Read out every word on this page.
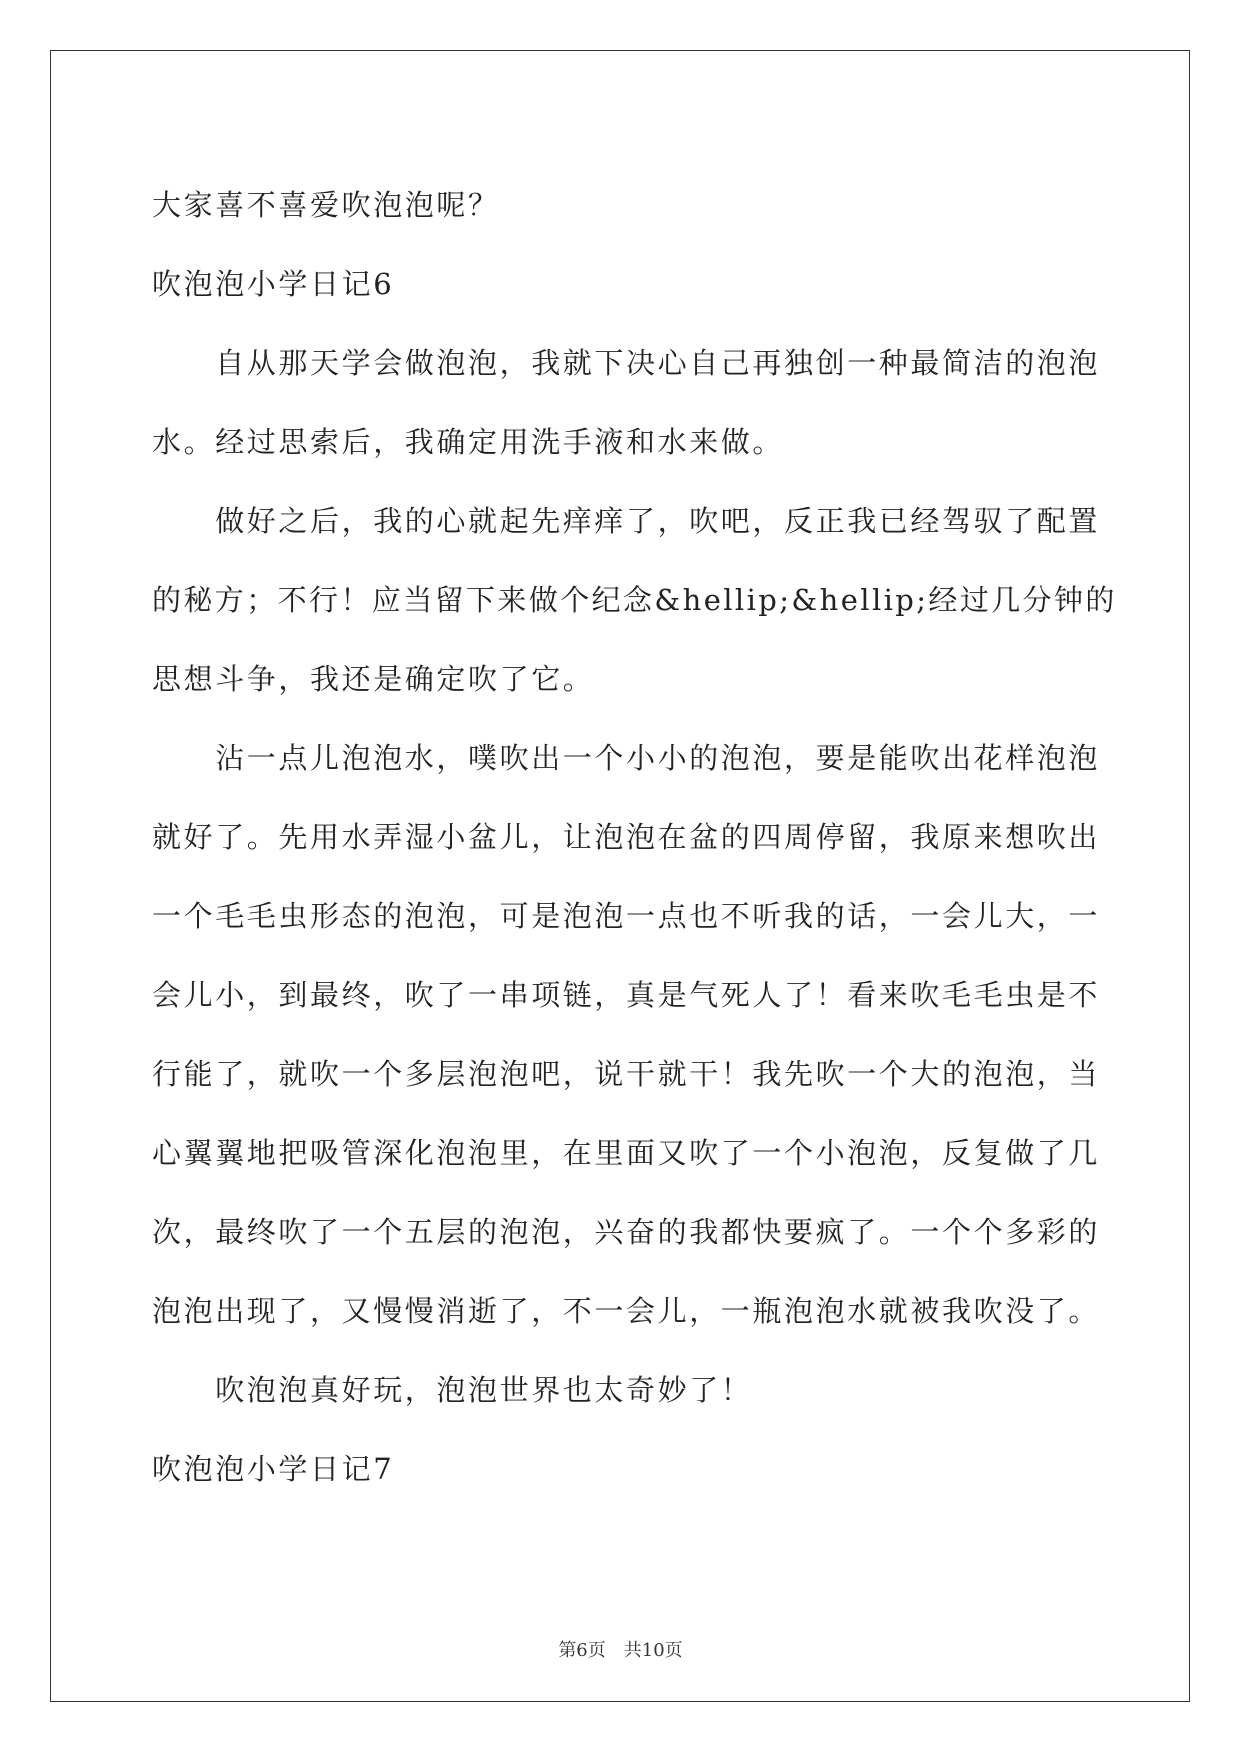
大家喜不喜爱吹泡泡呢？
吹泡泡小学日记6
　　自从那天学会做泡泡，我就下决心自己再独创一种最简洁的泡泡
水。经过思索后，我确定用洗手液和水来做。
　　做好之后，我的心就起先痒痒了，吹吧，反正我已经驾驭了配置
的秘方；不行！应当留下来做个纪念&hellip;&hellip;经过几分钟的
思想斗争，我还是确定吹了它。
　　沾一点儿泡泡水，噗吹出一个小小的泡泡，要是能吹出花样泡泡
就好了。先用水弄湿小盆儿，让泡泡在盆的四周停留，我原来想吹出
一个毛毛虫形态的泡泡，可是泡泡一点也不听我的话，一会儿大，一
会儿小，到最终，吹了一串项链，真是气死人了！看来吹毛毛虫是不
行能了，就吹一个多层泡泡吧，说干就干！我先吹一个大的泡泡，当
心翼翼地把吸管深化泡泡里，在里面又吹了一个小泡泡，反复做了几
次，最终吹了一个五层的泡泡，兴奋的我都快要疯了。一个个多彩的
泡泡出现了，又慢慢消逝了，不一会儿，一瓶泡泡水就被我吹没了。
　　吹泡泡真好玩，泡泡世界也太奇妙了！
吹泡泡小学日记7
第6页 共10页
